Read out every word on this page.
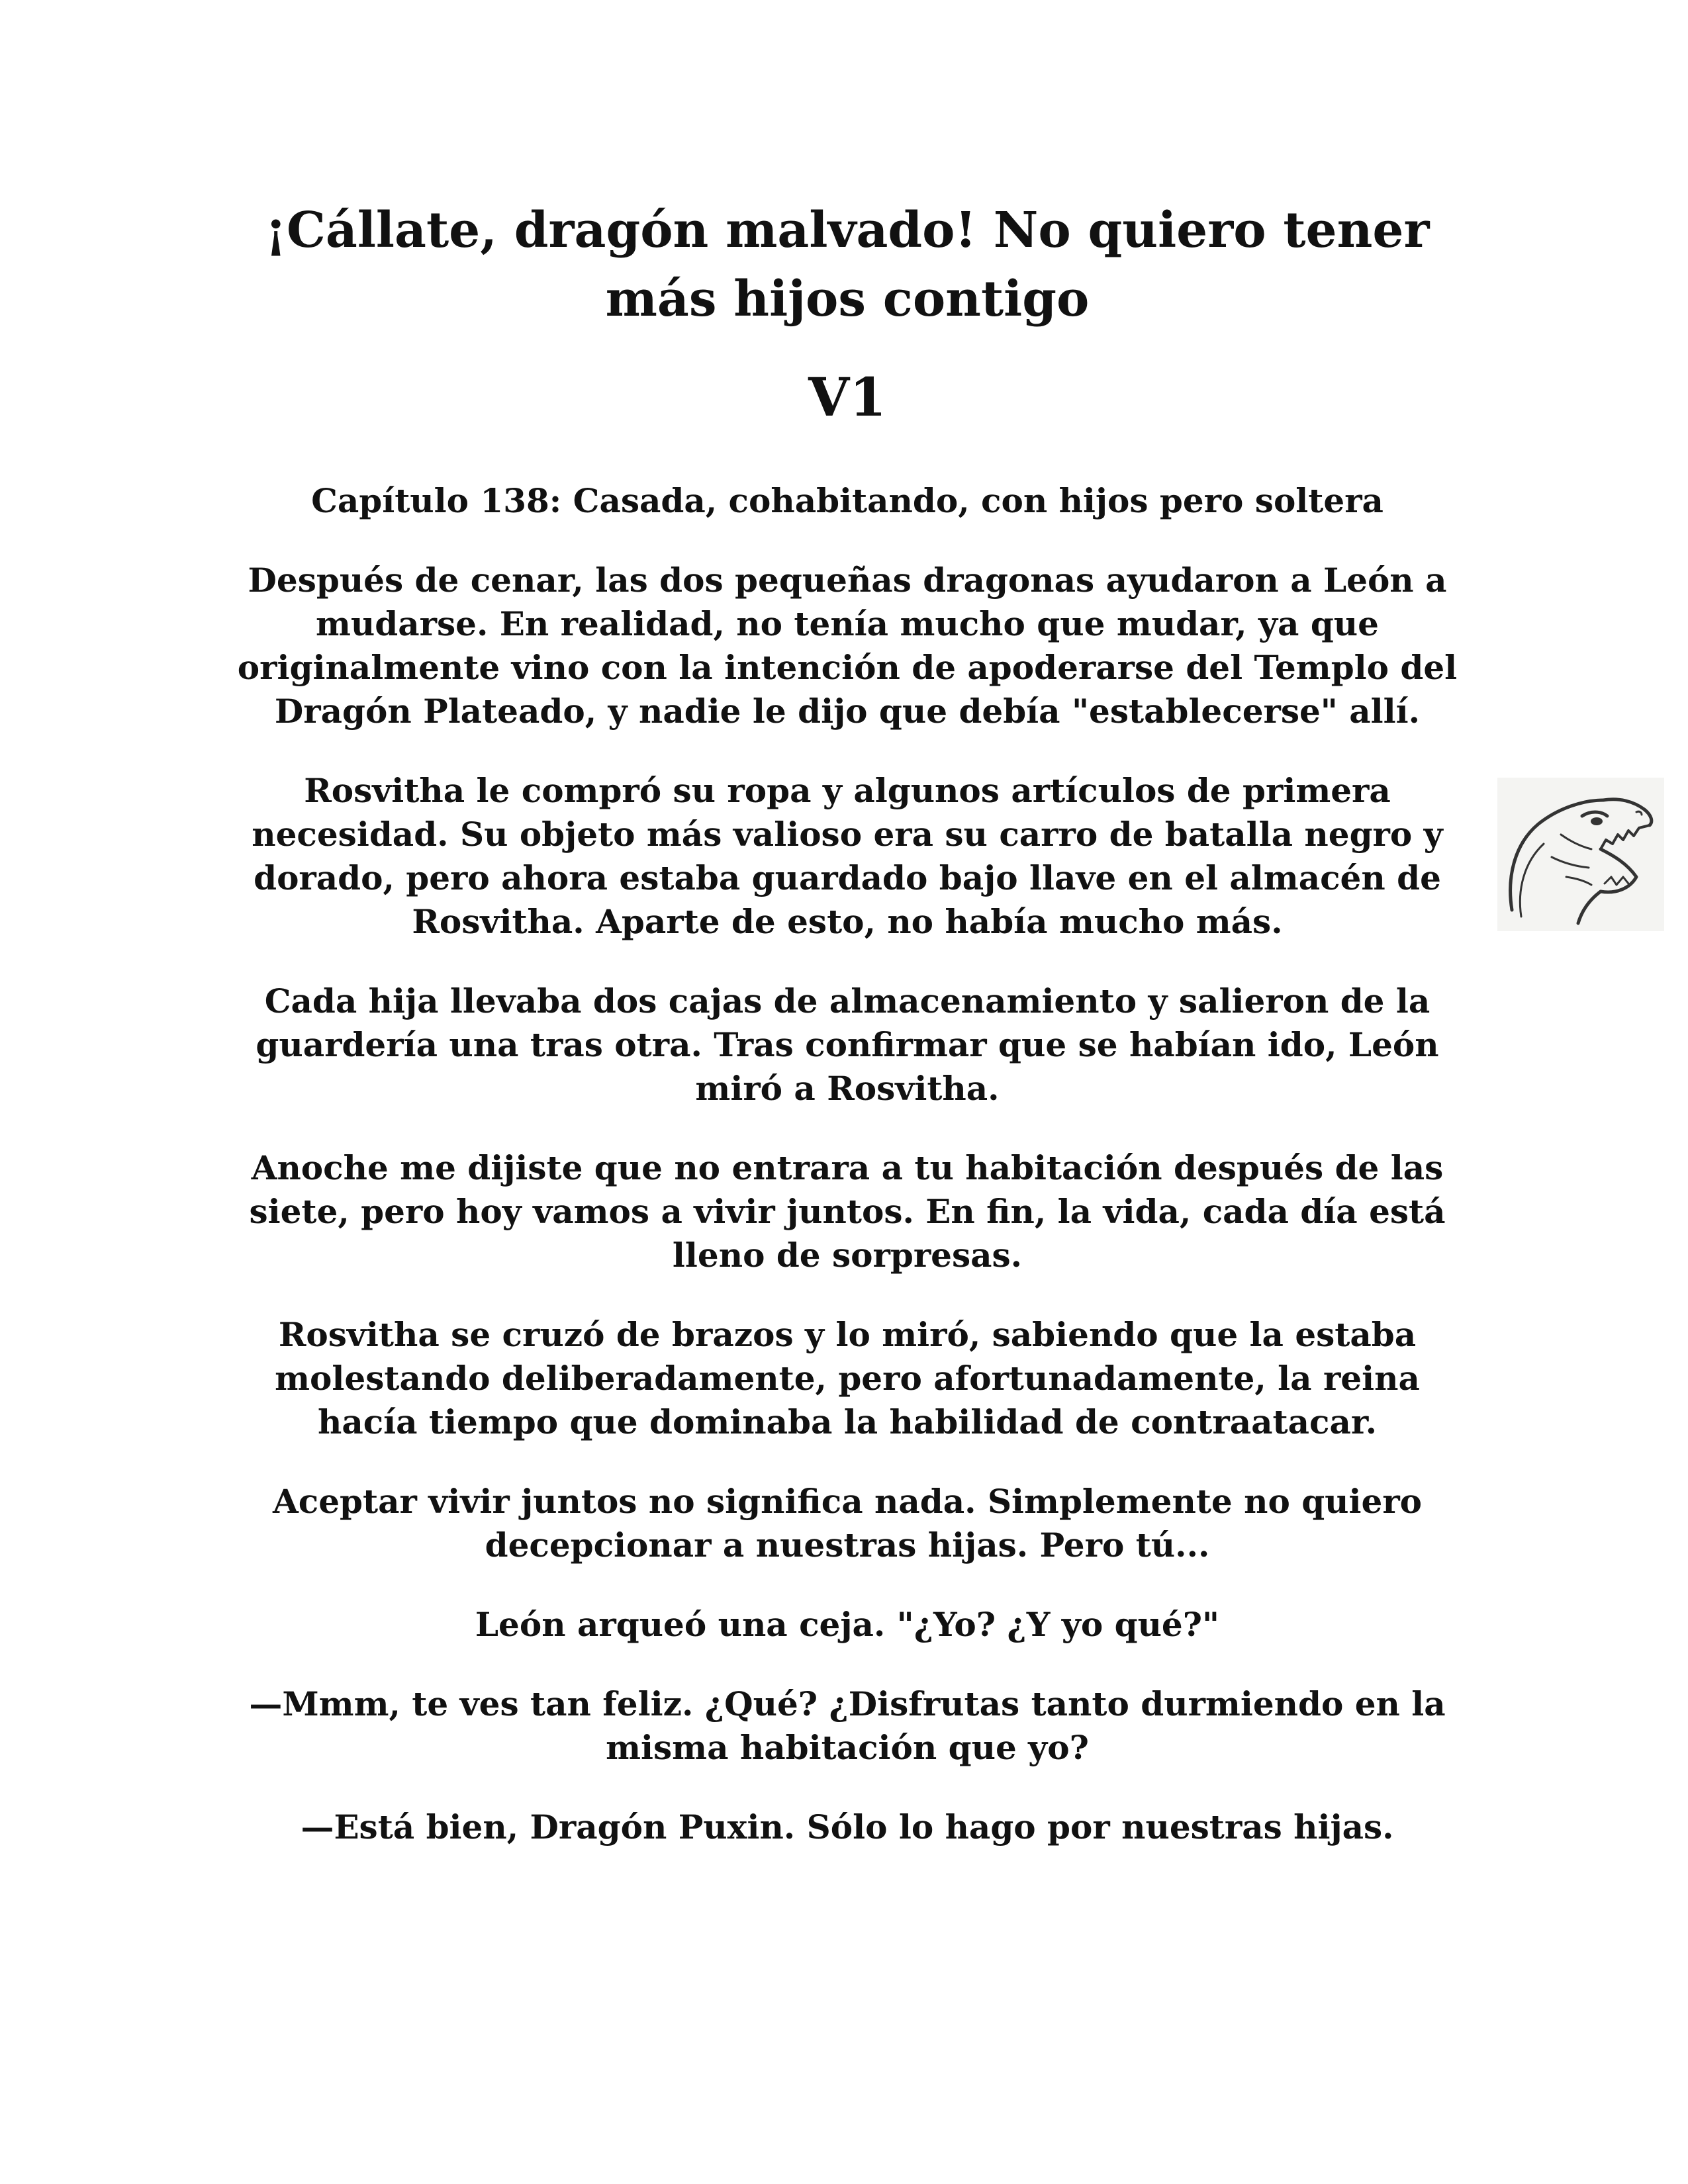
¡Cállate, dragón malvado! No quiero tener
más hijos contigo
V1
Capítulo 138: Casada, cohabitando, con hijos pero soltera

Después de cenar, las dos pequeñas dragonas ayudaron a León a mudarse. En realidad, no tenía mucho que mudar, ya que originalmente vino con la intención de apoderarse del Templo del Dragón Plateado, y nadie le dijo que debía "establecerse" allí.

Rosvitha le compró su ropa y algunos artículos de primera necesidad. Su objeto más valioso era su carro de batalla negro y dorado, pero ahora estaba guardado bajo llave en el almacén de Rosvitha. Aparte de esto, no había mucho más.

Cada hija llevaba dos cajas de almacenamiento y salieron de la guardería una tras otra. Tras confirmar que se habían ido, León miró a Rosvitha.

Anoche me dijiste que no entrara a tu habitación después de las siete, pero hoy vamos a vivir juntos. En fin, la vida, cada día está lleno de sorpresas.

Rosvitha se cruzó de brazos y lo miró, sabiendo que la estaba molestando deliberadamente, pero afortunadamente, la reina hacía tiempo que dominaba la habilidad de contraatacar.

Aceptar vivir juntos no significa nada. Simplemente no quiero decepcionar a nuestras hijas. Pero tú...

León arqueó una ceja. "¿Yo? ¿Y yo qué?"

—Mmm, te ves tan feliz. ¿Qué? ¿Disfrutas tanto durmiendo en la misma habitación que yo?

—Está bien, Dragón Puxin. Sólo lo hago por nuestras hijas.
